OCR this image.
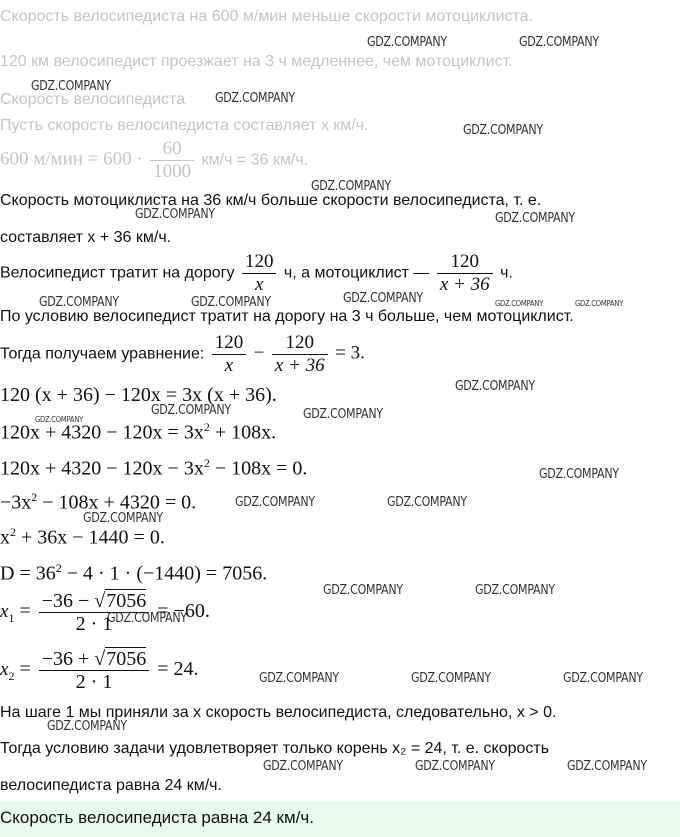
Скорость велосипедиста на 600 м/мин меньше скорости мотоциклиста.
120 км велосипедист проезжает на 3 ч медленнее, чем мотоциклист.
Скорость велосипедиста
Пусть скорость велосипедиста составляет x км/ч.
600 $м/мин = 600 \cdot \frac{60}{1000} км/ч = 36$ км/ч.
Скорость мотоциклиста на 36 км/ч больше скорости велосипедиста, т. е.
составляет x + 36 км/ч.
Велосипедист тратит на дорогу $\frac{120}{x} ч$, а мотоциклист — $\frac{120}{x + 36} ч$.
По условию велосипедист тратит на дорогу на 3 ч больше, чем мотоциклист.
Тогда получаем уравнение: $\frac{120}{x} - \frac{120}{x + 36} = 3$.
120 (x + 36) − 120x = 3x (x + 36).
$120x + 4320 - 120x = 3x^2 + 108x$.
$120x + 4320 - 120x - 3x^2 - 108x = 0$.
$-3x^2 - 108x + 4320 = 0$.
$x^2 + 36x - 1440 = 0$.
$D = 36^2 - 4 \cdot 1 \cdot (-1440) = 7056$.
$x_1 = \frac{-36 - √7056}{2 \cdot 1} = -60$.
$x_2 = \frac{-36 + √7056}{2 \cdot 1} = 24$.
На шаге 1 мы приняли за x скорость велосипедиста, следовательно, x > 0.
Тогда условию задачи удовлетворяет только корень x₂ = 24, т. е. скорость
велосипедиста равна 24 км/ч.
Скорость велосипедиста равна 24 км/ч.
GDZ.COMPANY	GDZ.COMPANY
GDZ.COMPANY
GDZ.COMPANY
GDZ.COMPANY
GDZ.COMPANY
GDZ.COMPANY	GDZ.COMPANY
GDZ.COMPANY	GDZ.COMPANY	GDZ.COMPANY	GDZ.COMPANY	GDZ.COMPANY
GDZ.COMPANY
GDZ.COMPANY
GDZ.COMPANY	GDZ.COMPANY
GDZ.COMPANY
GDZ.COMPANY	GDZ.COMPANY
GDZ.COMPANY
GDZ.COMPANY	GDZ.COMPANY
GDZ.COMPANY
GDZ.COMPANY	GDZ.COMPANY	GDZ.COMPANY
GDZ.COMPANY
GDZ.COMPANY	GDZ.COMPANY	GDZ.COMPANY
